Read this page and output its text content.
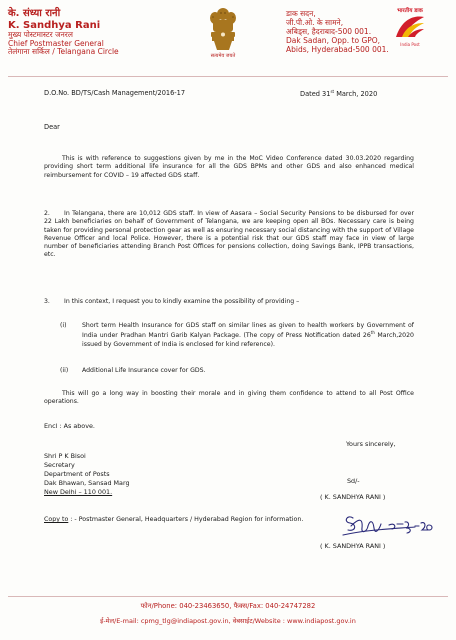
के. संध्या रानी
K. Sandhya Rani
मुख्य पोस्टमास्टर जनरल
Chief Postmaster General
तेलंगाना सर्किल / Telangana Circle	सत्यमेव जयते
डाक सदन,
जी.पी.ओ. के सामने,
अबिड्स, हैदराबाद-500 001.
Dak Sadan, Opp. to GPO,
Abids, Hyderabad-500 001.
भारतीय डाक
India Post
D.O.No. BD/TS/Cash Management/2016-17	Dated 31st March, 2020
Dear
This is with reference to suggestions given by me in the MoC Video Conference dated 30.03.2020 regarding providing short term additional life insurance for all the GDS BPMs and other GDS and also enhanced medical reimbursement for COVID – 19 affected GDS staff.
2. In Telangana, there are 10,012 GDS staff. In view of Aasara – Social Security Pensions to be disbursed for over 22 Lakh beneficiaries on behalf of Government of Telangana, we are keeping open all BOs. Necessary care is being taken for providing personal protection gear as well as ensuring necessary social distancing with the support of Village Revenue Officer and local Police. However, there is a potential risk that our GDS staff may face in view of large number of beneficiaries attending Branch Post Offices for pensions collection, doing Savings Bank, IPPB transactions, etc.
3. In this context, I request you to kindly examine the possibility of providing –
(i)	Short term Health Insurance for GDS staff on similar lines as given to health workers by Government of India under Pradhan Mantri Garib Kalyan Package. (The copy of Press Notification dated 26th March,2020 issued by Government of India is enclosed for kind reference).
(ii)	Additional Life Insurance cover for GDS.
This will go a long way in boosting their morale and in giving them confidence to attend to all Post Office operations.
Encl : As above.
Yours sincerely,
Shri P K Bisoi
Secretary
Department of Posts
Dak Bhawan, Sansad Marg
New Delhi – 110 001.
Sd/-
( K. SANDHYA RANI )
Copy to : - Postmaster General, Headquarters / Hyderabad Region for information.
( K. SANDHYA RANI )
फोन/Phone: 040-23463650, फैक्स/Fax: 040-24747282
ई-मेल/E-mail: cpmg_tlg@indiapost.gov.in, वेबसाईट/Website : www.indiapost.gov.in
